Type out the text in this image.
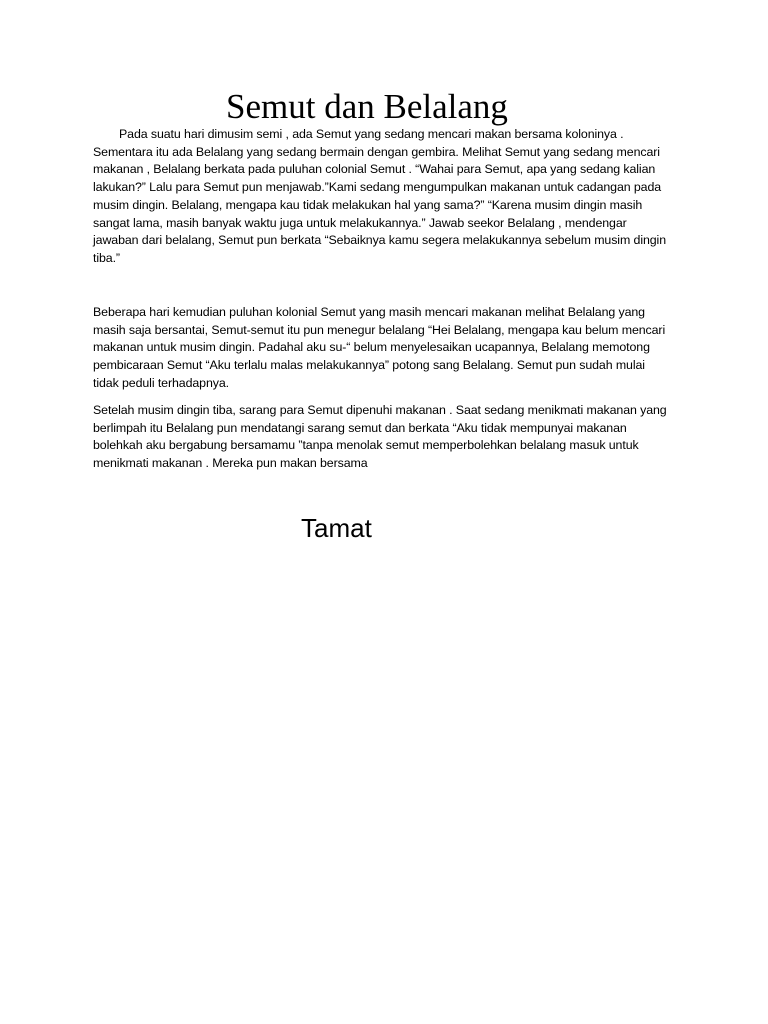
Semut dan Belalang

Pada suatu hari dimusim semi , ada Semut yang sedang mencari makan bersama koloninya . Sementara itu ada Belalang yang sedang bermain dengan gembira. Melihat Semut yang sedang mencari makanan , Belalang berkata pada puluhan colonial Semut . “Wahai para Semut, apa yang sedang kalian lakukan?” Lalu para Semut pun menjawab.”Kami sedang mengumpulkan makanan untuk cadangan pada musim dingin. Belalang, mengapa kau tidak melakukan hal yang sama?” “Karena musim dingin masih sangat lama, masih banyak waktu juga untuk melakukannya.” Jawab seekor Belalang , mendengar jawaban dari belalang, Semut pun berkata “Sebaiknya kamu segera melakukannya sebelum musim dingin tiba.”

Beberapa hari kemudian puluhan kolonial Semut yang masih mencari makanan melihat Belalang yang masih saja bersantai, Semut-semut itu pun menegur belalang “Hei Belalang, mengapa kau belum mencari makanan untuk musim dingin. Padahal aku su-“ belum menyelesaikan ucapannya, Belalang memotong pembicaraan Semut “Aku terlalu malas melakukannya” potong sang Belalang. Semut pun sudah mulai tidak peduli terhadapnya.

Setelah musim dingin tiba, sarang para Semut dipenuhi makanan . Saat sedang menikmati makanan yang berlimpah itu Belalang pun mendatangi sarang semut dan berkata “Aku tidak mempunyai makanan bolehkah aku bergabung bersamamu ”tanpa menolak semut memperbolehkan belalang masuk untuk menikmati makanan . Mereka pun makan bersama

Tamat
